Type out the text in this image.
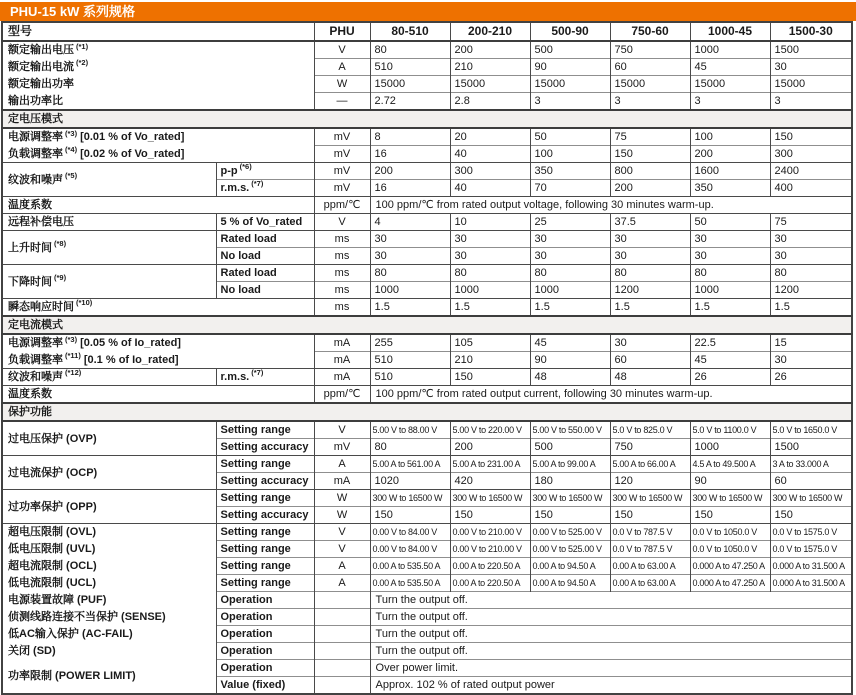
PHU-15 kW 系列规格
型号		PHU	80-510	200-210	500-90	750-60	1000-45	1500-30
额定输出电压 $^{(*1)}$		V	80	200	500	750	1000	1500
额定输出电流 $^{(*2)}$		A	510	210	90	60	45	30
额定输出功率		W	15000	15000	15000	15000	15000	15000
输出功率比		—	2.72	2.8	3	3	3	3
定电压模式								
电源调整率 $^{(*3)}$ [0.01 % of Vo_rated]		mV	8	20	50	75	100	150
负载调整率 $^{(*4)}$ [0.02 % of Vo_rated]		mV	16	40	100	150	200	300
纹波和噪声 $^{(*5)}$	p-p $^{(*6)}$	mV	200	300	350	800	1600	2400
	r.m.s. $^{(*7)}$	mV	16	40	70	200	350	400
温度系数		ppm/℃	100 ppm/℃ from rated output voltage, following 30 minutes warm-up.					
远程补偿电压	5 % of Vo_rated	V	4	10	25	37.5	50	75
上升时间 $^{(*8)}$	Rated load	ms	30	30	30	30	30	30
	No load	ms	30	30	30	30	30	30
下降时间 $^{(*9)}$	Rated load	ms	80	80	80	80	80	80
	No load	ms	1000	1000	1000	1200	1000	1200
瞬态响应时间 $^{(*10)}$		ms	1.5	1.5	1.5	1.5	1.5	1.5
定电流模式								
电源调整率 $^{(*3)}$ [0.05 % of Io_rated]		mA	255	105	45	30	22.5	15
负载调整率 $^{(*11)}$ [0.1 % of Io_rated]		mA	510	210	90	60	45	30
纹波和噪声 $^{(*12)}$	r.m.s. $^{(*7)}$	mA	510	150	48	48	26	26
温度系数		ppm/℃	100 ppm/℃ from rated output current, following 30 minutes warm-up.					
保护功能								
过电压保护 (OVP)	Setting range	V	5.00 V to 88.00 V	5.00 V to 220.00 V	5.00 V to 550.00 V	5.0 V to 825.0 V	5.0 V to 1100.0 V	5.0 V to 1650.0 V
	Setting accuracy	mV	80	200	500	750	1000	1500
过电流保护 (OCP)	Setting range	A	5.00 A to 561.00 A	5.00 A to 231.00 A	5.00 A to 99.00 A	5.00 A to 66.00 A	4.5 A to 49.500 A	3 A to 33.000 A
	Setting accuracy	mA	1020	420	180	120	90	60
过功率保护 (OPP)	Setting range	W	300 W to 16500 W	300 W to 16500 W	300 W to 16500 W	300 W to 16500 W	300 W to 16500 W	300 W to 16500 W
	Setting accuracy	W	150	150	150	150	150	150
超电压限制 (OVL)	Setting range	V	0.00 V to 84.00 V	0.00 V to 210.00 V	0.00 V to 525.00 V	0.0 V to 787.5 V	0.0 V to 1050.0 V	0.0 V to 1575.0 V
低电压限制 (UVL)	Setting range	V	0.00 V to 84.00 V	0.00 V to 210.00 V	0.00 V to 525.00 V	0.0 V to 787.5 V	0.0 V to 1050.0 V	0.0 V to 1575.0 V
超电流限制 (OCL)	Setting range	A	0.00 A to 535.50 A	0.00 A to 220.50 A	0.00 A to 94.50 A	0.00 A to 63.00 A	0.000 A to 47.250 A	0.000 A to 31.500 A
低电流限制 (UCL)	Setting range	A	0.00 A to 535.50 A	0.00 A to 220.50 A	0.00 A to 94.50 A	0.00 A to 63.00 A	0.000 A to 47.250 A	0.000 A to 31.500 A
电源装置故障 (PUF)	Operation		Turn the output off.					
侦测线路连接不当保护 (SENSE)	Operation		Turn the output off.					
低AC输入保护 (AC-FAIL)	Operation		Turn the output off.					
关闭 (SD)	Operation		Turn the output off.					
功率限制 (POWER LIMIT)	Operation		Over power limit.					
	Value (fixed)		Approx. 102 % of rated output power					
